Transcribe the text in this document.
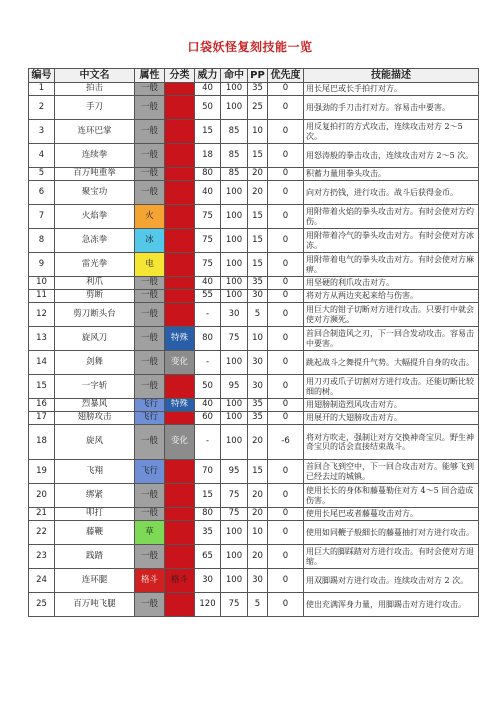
口袋妖怪复刻技能一览
编号	中文名	属性	分类	威力	命中	PP	优先度	技能描述
1	拍击	一般		40	100	35	0	用长尾巴或长手拍打对方。
2	手刀	一般		50	100	25	0	用强劲的手刀击打对方。容易击中要害。
3	连环巴掌	一般		15	85	10	0	用反复拍打的方式攻击，连续攻击对方 2～5 次。
4	连续拳	一般		18	85	15	0	用怒涛般的拳击攻击，连续攻击对方 2～5 次。
5	百万吨重拳	一般		80	85	20	0	积蓄力量用拳头攻击。
6	聚宝功	一般		40	100	20	0	向对方扔钱，进行攻击。战斗后获得金币。
7	火焰拳	火		75	100	15	0	用附带着火焰的拳头攻击对方。有时会使对方灼伤。
8	急冻拳	冰		75	100	15	0	用附带着冷气的拳头攻击对方。有时会使对方冰冻。
9	雷光拳	电		75	100	15	0	用附带着电气的拳头攻击对方。有时会使对方麻痹。
10	利爪	一般		40	100	35	0	用坚硬的利爪攻击对方。
11	剪断	一般		55	100	30	0	将对方从两边夹起来给与伤害。
12	剪刀断头台	一般		-	30	5	0	用巨大的钳子切断对方进行攻击。只要打中就会使对方濒死。
13	旋风刀	一般	特殊	80	75	10	0	首回合制造风之刃，下一回合发动攻击。容易击中要害。
14	剑舞	一般	变化	-	100	30	0	跳起战斗之舞提升气势。大幅提升自身的攻击。
15	一字斩	一般		50	95	30	0	用刀刃或爪子切割对方进行攻击。还能切断比较细的树。
16	烈暴风	飞行	特殊	40	100	35	0	用翅膀制造烈风攻击对方。
17	翅膀攻击	飞行		60	100	35	0	用展开的大翅膀攻击对方。
18	旋风	一般	变化	-	100	20	-6	将对方吹走，强制让对方交换神奇宝贝。野生神奇宝贝的话会直接结束战斗。
19	飞翔	飞行		70	95	15	0	首回合飞到空中，下一回合攻击对方。能够飞到已经去过的城镇。
20	绑紧	一般		15	75	20	0	使用长长的身体和藤蔓勒住对方 4～5 回合造成伤害。
21	叩打	一般		80	75	20	0	使用长尾巴或者藤蔓攻击对方。
22	藤鞭	草		35	100	10	0	使用如同鞭子般細长的藤蔓抽打对方进行攻击。
23	践踏	一般		65	100	20	0	用巨大的脚踩踏对方进行攻击。有时会使对方退缩。
24	连环腿	格斗	格斗	30	100	30	0	用双脚踢对方进行攻击。连续攻击对方 2 次。
25	百万吨飞腿	一般		120	75	5	0	使出充满浑身力量，用脚踢击对方进行攻击。
